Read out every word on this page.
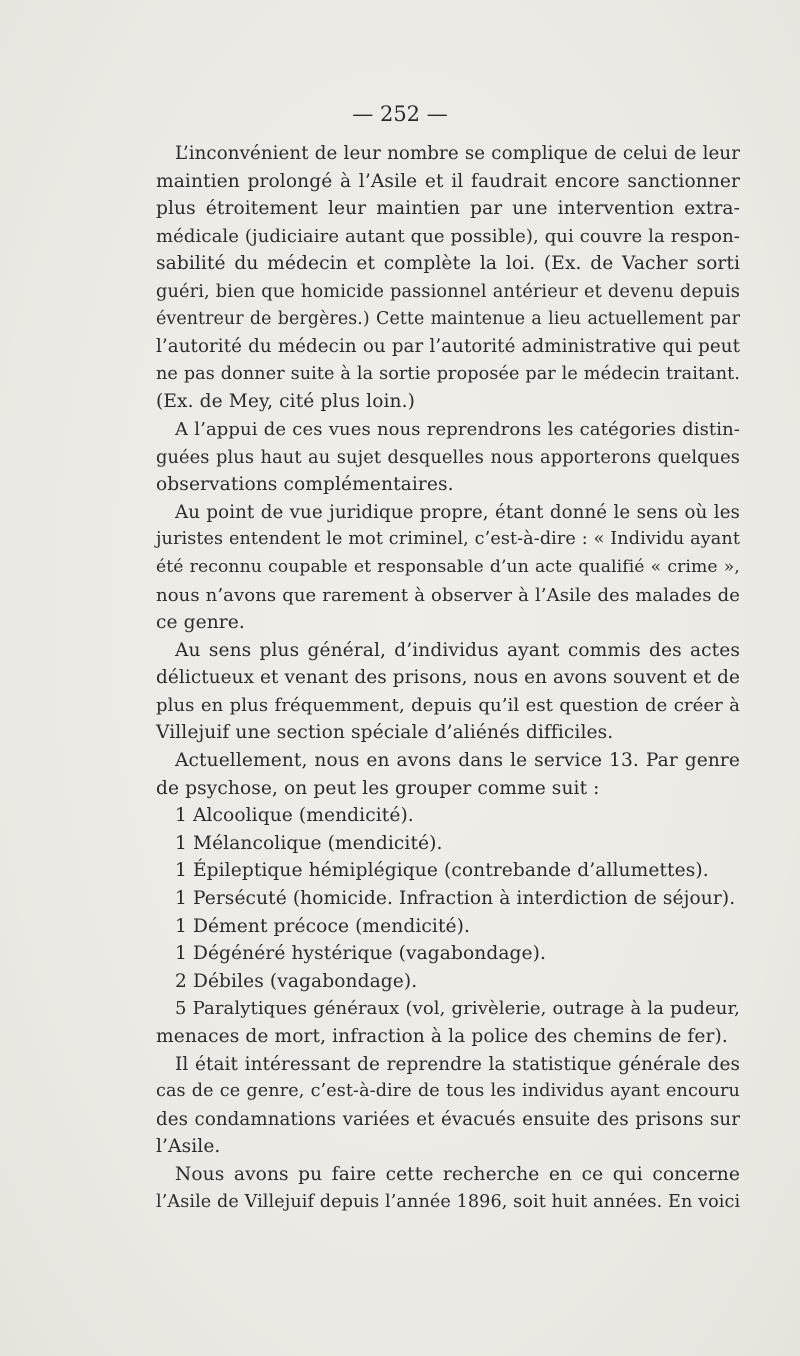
— 252 —
L’inconvénient de leur nombre se complique de celui de leur
maintien prolongé à l’Asile et il faudrait encore sanctionner
plus étroitement leur maintien par une intervention extra-
médicale (judiciaire autant que possible), qui couvre la respon-
sabilité du médecin et complète la loi. (Ex. de Vacher sorti
guéri, bien que homicide passionnel antérieur et devenu depuis
éventreur de bergères.) Cette maintenue a lieu actuellement par
l’autorité du médecin ou par l’autorité administrative qui peut
ne pas donner suite à la sortie proposée par le médecin traitant.
(Ex. de Mey, cité plus loin.)
A l’appui de ces vues nous reprendrons les catégories distin-
guées plus haut au sujet desquelles nous apporterons quelques
observations complémentaires.
Au point de vue juridique propre, étant donné le sens où les
juristes entendent le mot criminel, c’est-à-dire : « Individu ayant
été reconnu coupable et responsable d’un acte qualifié « crime »,
nous n’avons que rarement à observer à l’Asile des malades de
ce genre.
Au sens plus général, d’individus ayant commis des actes
délictueux et venant des prisons, nous en avons souvent et de
plus en plus fréquemment, depuis qu’il est question de créer à
Villejuif une section spéciale d’aliénés difficiles.
Actuellement, nous en avons dans le service 13. Par genre
de psychose, on peut les grouper comme suit :
1 Alcoolique (mendicité).
1 Mélancolique (mendicité).
1 Épileptique hémiplégique (contrebande d’allumettes).
1 Persécuté (homicide. Infraction à interdiction de séjour).
1 Dément précoce (mendicité).
1 Dégénéré hystérique (vagabondage).
2 Débiles (vagabondage).
5 Paralytiques généraux (vol, grivèlerie, outrage à la pudeur,
menaces de mort, infraction à la police des chemins de fer).
Il était intéressant de reprendre la statistique générale des
cas de ce genre, c’est-à-dire de tous les individus ayant encouru
des condamnations variées et évacués ensuite des prisons sur
l’Asile.
Nous avons pu faire cette recherche en ce qui concerne
l’Asile de Villejuif depuis l’année 1896, soit huit années. En voici
